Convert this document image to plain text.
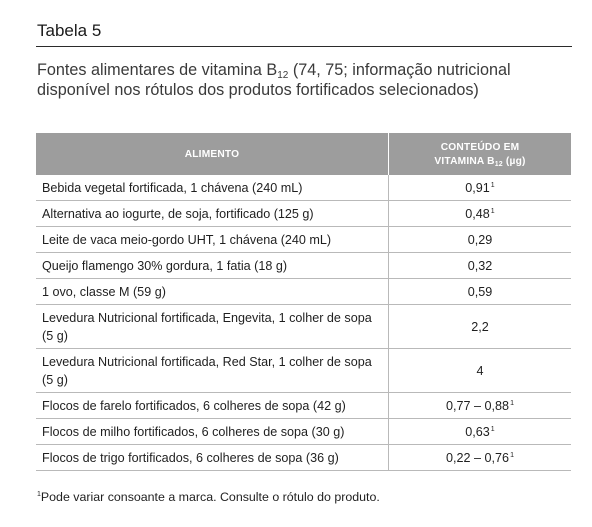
Tabela 5
Fontes alimentares de vitamina $B_{12}$ (74, 75; informação nutricional disponível nos rótulos dos produtos fortificados selecionados)
ALIMENTO	CONTEÚDO EM
VITAMINA $B_{12}$ (µg)
Bebida vegetal fortificada, 1 chávena (240 mL)	0,91$^1$
Alternativa ao iogurte, de soja, fortificado (125 g)	0,48$^1$
Leite de vaca meio-gordo UHT, 1 chávena (240 mL)	0,29
Queijo flamengo 30% gordura, 1 fatia (18 g)	0,32
1 ovo, classe M (59 g)	0,59
Levedura Nutricional fortificada, Engevita, 1 colher de sopa (5 g)	2,2
Levedura Nutricional fortificada, Red Star, 1 colher de sopa (5 g)	4
Flocos de farelo fortificados, 6 colheres de sopa (42 g)	0,77 – 0,88$^1$
Flocos de milho fortificados, 6 colheres de sopa (30 g)	0,63$^1$
Flocos de trigo fortificados, 6 colheres de sopa (36 g)	0,22 – 0,76$^1$
$^1$Pode variar consoante a marca. Consulte o rótulo do produto.
